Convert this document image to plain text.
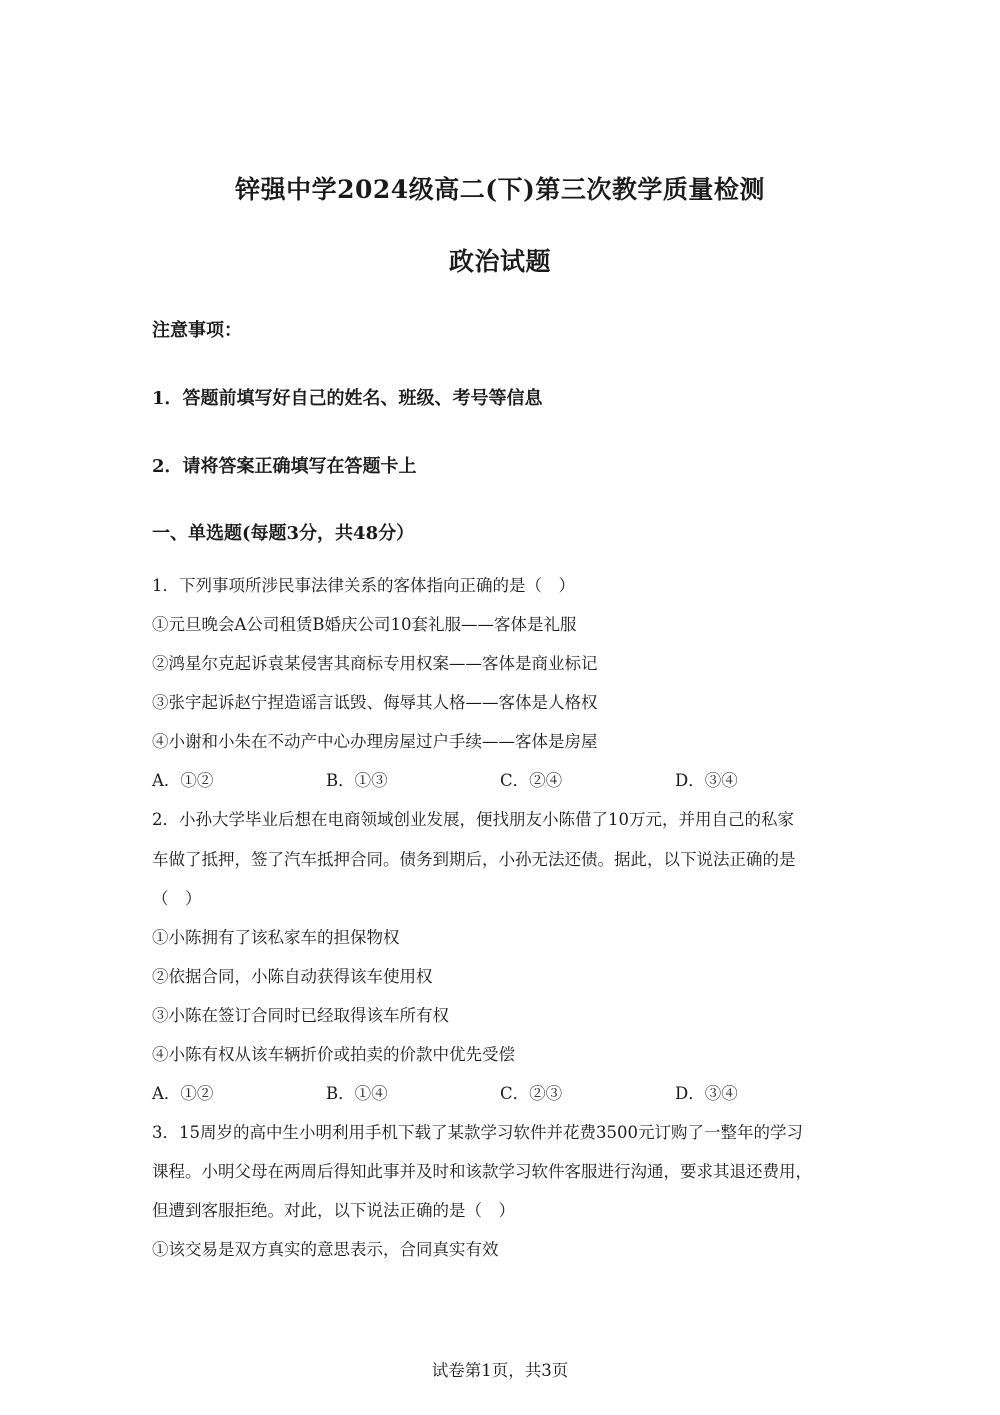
锌强中学2024级高二(下)第三次教学质量检测
政治试题
注意事项：
1．答题前填写好自己的姓名、班级、考号等信息
2．请将答案正确填写在答题卡上
一、单选题(每题3分，共48分）
1．下列事项所涉民事法律关系的客体指向正确的是（　）
①元旦晚会A公司租赁B婚庆公司10套礼服——客体是礼服
②鸿星尔克起诉袁某侵害其商标专用权案——客体是商业标记
③张宇起诉赵宁捏造谣言诋毁、侮辱其人格——客体是人格权
④小谢和小朱在不动产中心办理房屋过户手续——客体是房屋
A．①②	B．①③	C．②④	D．③④
2．小孙大学毕业后想在电商领域创业发展，便找朋友小陈借了10万元，并用自己的私家
车做了抵押，签了汽车抵押合同。债务到期后，小孙无法还债。据此，以下说法正确的是
（　）
①小陈拥有了该私家车的担保物权
②依据合同，小陈自动获得该车使用权
③小陈在签订合同时已经取得该车所有权
④小陈有权从该车辆折价或拍卖的价款中优先受偿
A．①②	B．①④	C．②③	D．③④
3．15周岁的高中生小明利用手机下载了某款学习软件并花费3500元订购了一整年的学习
课程。小明父母在两周后得知此事并及时和该款学习软件客服进行沟通，要求其退还费用，
但遭到客服拒绝。对此，以下说法正确的是（　）
①该交易是双方真实的意思表示，合同真实有效
试卷第1页，共3页
